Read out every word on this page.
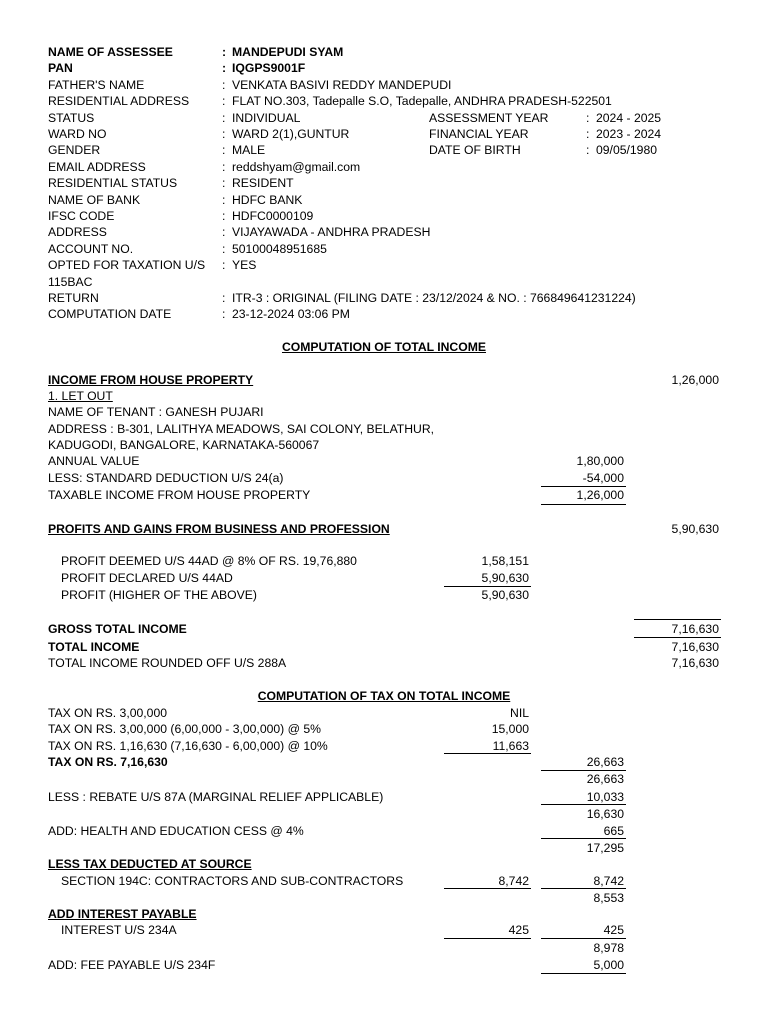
NAME OF ASSESSEE	: MANDEPUDI SYAM
PAN	: IQGPS9001F
FATHER'S NAME	: VENKATA BASIVI REDDY MANDEPUDI
RESIDENTIAL ADDRESS	: FLAT NO.303, Tadepalle S.O, Tadepalle, ANDHRA PRADESH-522501
STATUS	: INDIVIDUAL	ASSESSMENT YEAR	: 2024 - 2025
WARD NO	: WARD 2(1),GUNTUR	FINANCIAL YEAR	: 2023 - 2024
GENDER	: MALE	DATE OF BIRTH	: 09/05/1980
EMAIL ADDRESS	: reddshyam@gmail.com
RESIDENTIAL STATUS	: RESIDENT
NAME OF BANK	: HDFC BANK
IFSC CODE	: HDFC0000109
ADDRESS	: VIJAYAWADA - ANDHRA PRADESH
ACCOUNT NO.	: 50100048951685
OPTED FOR TAXATION U/S : YES
115BAC
RETURN	: ITR-3 : ORIGINAL (FILING DATE : 23/12/2024 & NO. : 766849641231224)
COMPUTATION DATE	: 23-12-2024 03:06 PM
COMPUTATION OF TOTAL INCOME
INCOME FROM HOUSE PROPERTY	1,26,000
1. LET OUT
NAME OF TENANT : GANESH PUJARI
ADDRESS : B-301, LALITHYA MEADOWS, SAI COLONY, BELATHUR,
KADUGODI, BANGALORE, KARNATAKA-560067
ANNUAL VALUE	1,80,000
LESS: STANDARD DEDUCTION U/S 24(a)	-54,000
TAXABLE INCOME FROM HOUSE PROPERTY	1,26,000
PROFITS AND GAINS FROM BUSINESS AND PROFESSION	5,90,630
PROFIT DEEMED U/S 44AD @ 8% OF RS. 19,76,880	1,58,151
PROFIT DECLARED U/S 44AD	5,90,630
PROFIT (HIGHER OF THE ABOVE)	5,90,630
GROSS TOTAL INCOME	7,16,630
TOTAL INCOME	7,16,630
TOTAL INCOME ROUNDED OFF U/S 288A	7,16,630
COMPUTATION OF TAX ON TOTAL INCOME
TAX ON RS. 3,00,000	NIL
TAX ON RS. 3,00,000 (6,00,000 - 3,00,000) @ 5%	15,000
TAX ON RS. 1,16,630 (7,16,630 - 6,00,000) @ 10%	11,663
TAX ON RS. 7,16,630	26,663
26,663
LESS : REBATE U/S 87A (MARGINAL RELIEF APPLICABLE)	10,033
16,630
ADD: HEALTH AND EDUCATION CESS @ 4%	665
17,295
LESS TAX DEDUCTED AT SOURCE
SECTION 194C: CONTRACTORS AND SUB-CONTRACTORS	8,742	8,742
8,553
ADD INTEREST PAYABLE
INTEREST U/S 234A	425	425
8,978
ADD: FEE PAYABLE U/S 234F	5,000
